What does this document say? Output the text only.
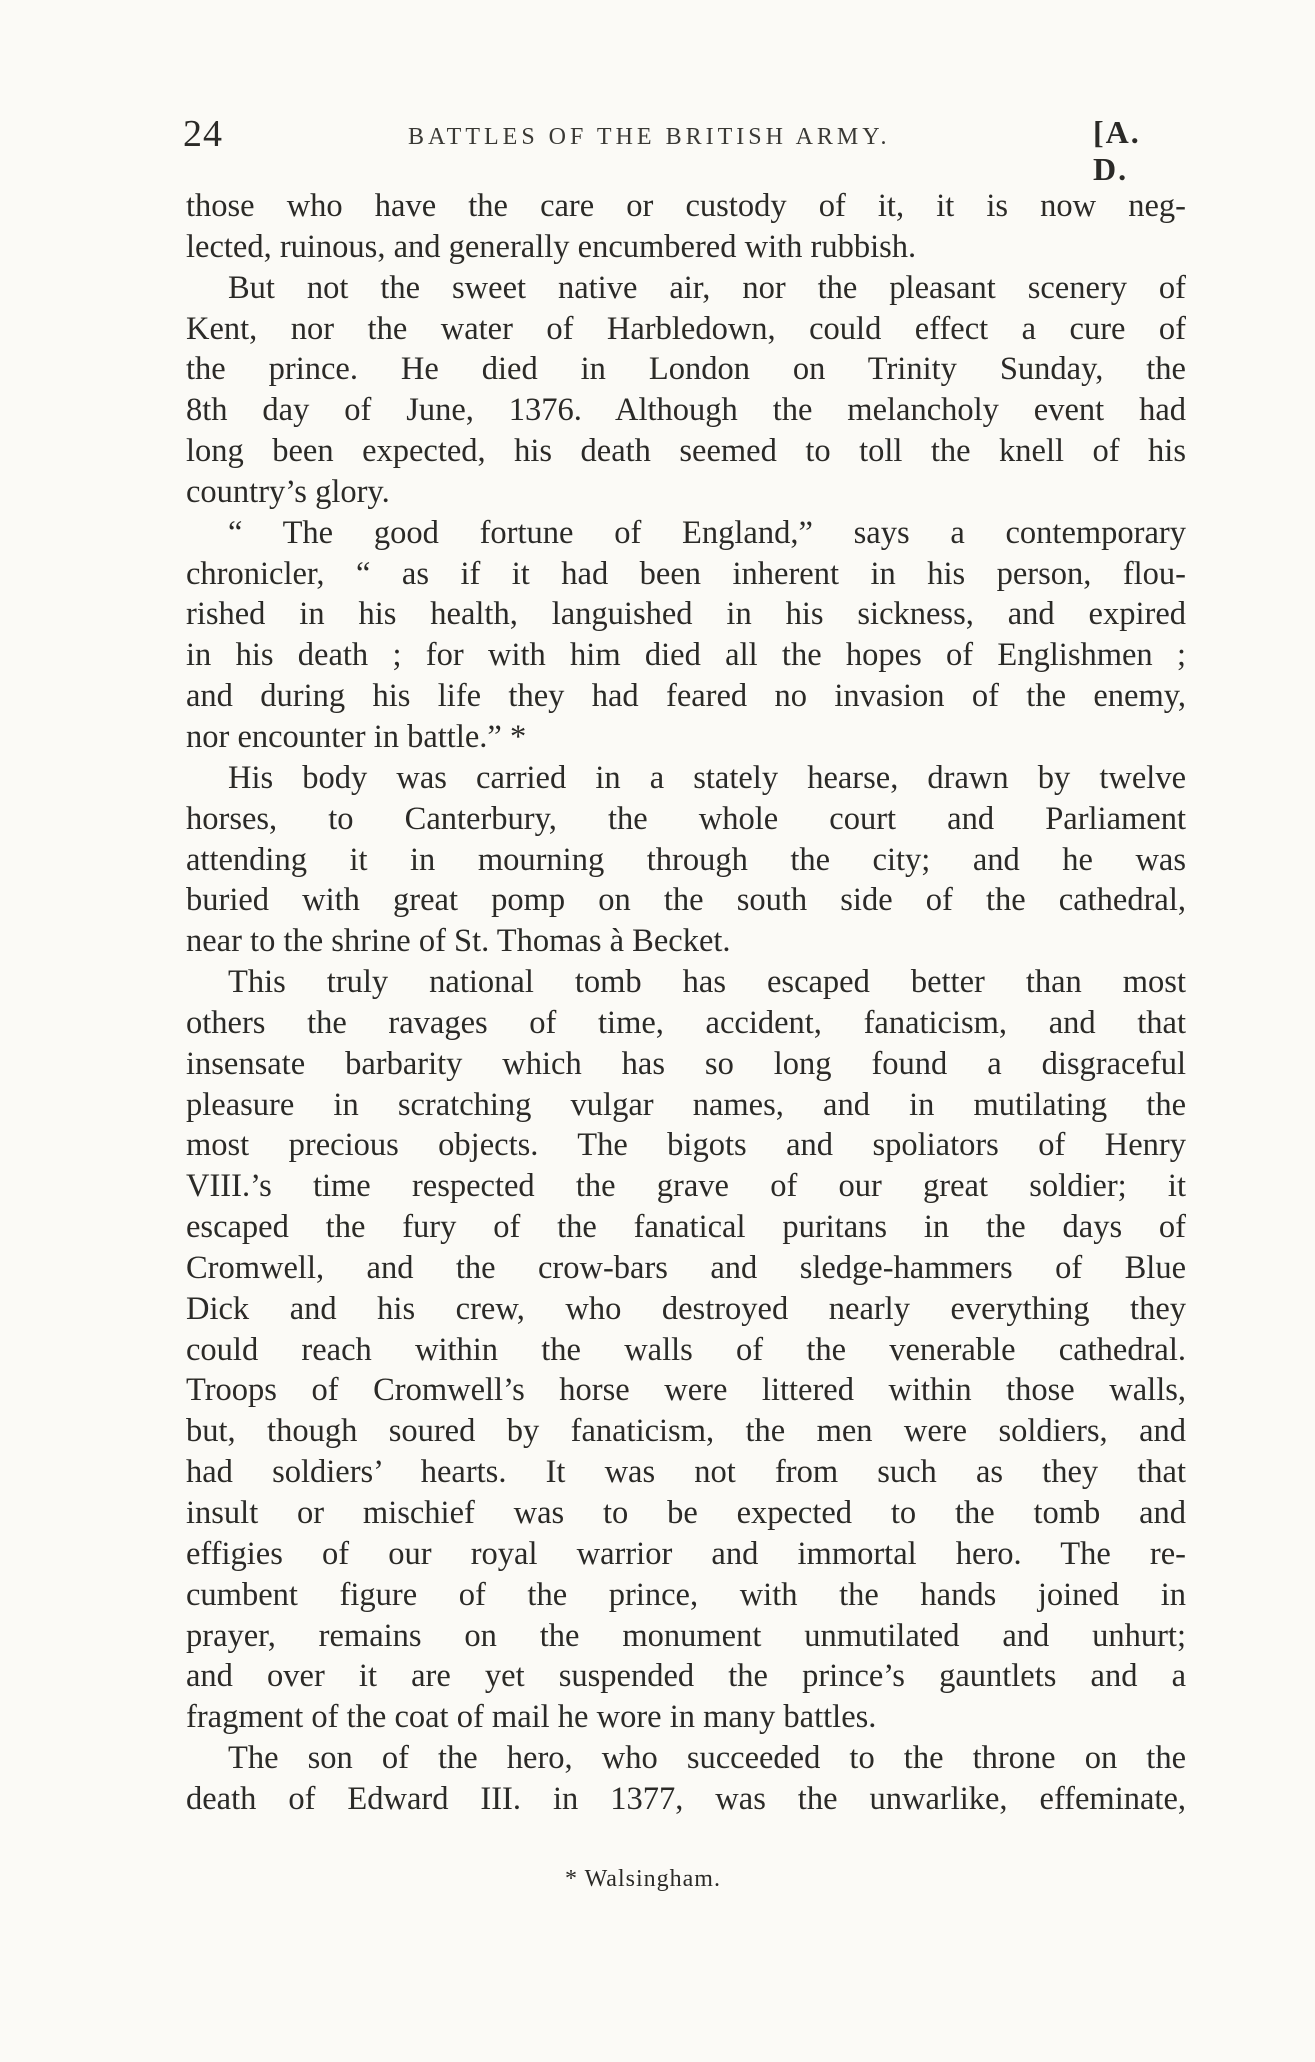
24	BATTLES OF THE BRITISH ARMY.	[A. D.
those who have the care or custody of it, it is now neg-
lected, ruinous, and generally encumbered with rubbish.
But not the sweet native air, nor the pleasant scenery of
Kent, nor the water of Harbledown, could effect a cure of
the prince. He died in London on Trinity Sunday, the
8th day of June, 1376. Although the melancholy event had
long been expected, his death seemed to toll the knell of his
country’s glory.
“ The good fortune of England,” says a contemporary
chronicler, “ as if it had been inherent in his person, flou-
rished in his health, languished in his sickness, and expired
in his death ; for with him died all the hopes of Englishmen ;
and during his life they had feared no invasion of the enemy,
nor encounter in battle.” *
His body was carried in a stately hearse, drawn by twelve
horses, to Canterbury, the whole court and Parliament
attending it in mourning through the city; and he was
buried with great pomp on the south side of the cathedral,
near to the shrine of St. Thomas à Becket.
This truly national tomb has escaped better than most
others the ravages of time, accident, fanaticism, and that
insensate barbarity which has so long found a disgraceful
pleasure in scratching vulgar names, and in mutilating the
most precious objects. The bigots and spoliators of Henry
VIII.’s time respected the grave of our great soldier; it
escaped the fury of the fanatical puritans in the days of
Cromwell, and the crow-bars and sledge-hammers of Blue
Dick and his crew, who destroyed nearly everything they
could reach within the walls of the venerable cathedral.
Troops of Cromwell’s horse were littered within those walls,
but, though soured by fanaticism, the men were soldiers, and
had soldiers’ hearts. It was not from such as they that
insult or mischief was to be expected to the tomb and
effigies of our royal warrior and immortal hero. The re-
cumbent figure of the prince, with the hands joined in
prayer, remains on the monument unmutilated and unhurt;
and over it are yet suspended the prince’s gauntlets and a
fragment of the coat of mail he wore in many battles.
The son of the hero, who succeeded to the throne on the
death of Edward III. in 1377, was the unwarlike, effeminate,
* Walsingham.
